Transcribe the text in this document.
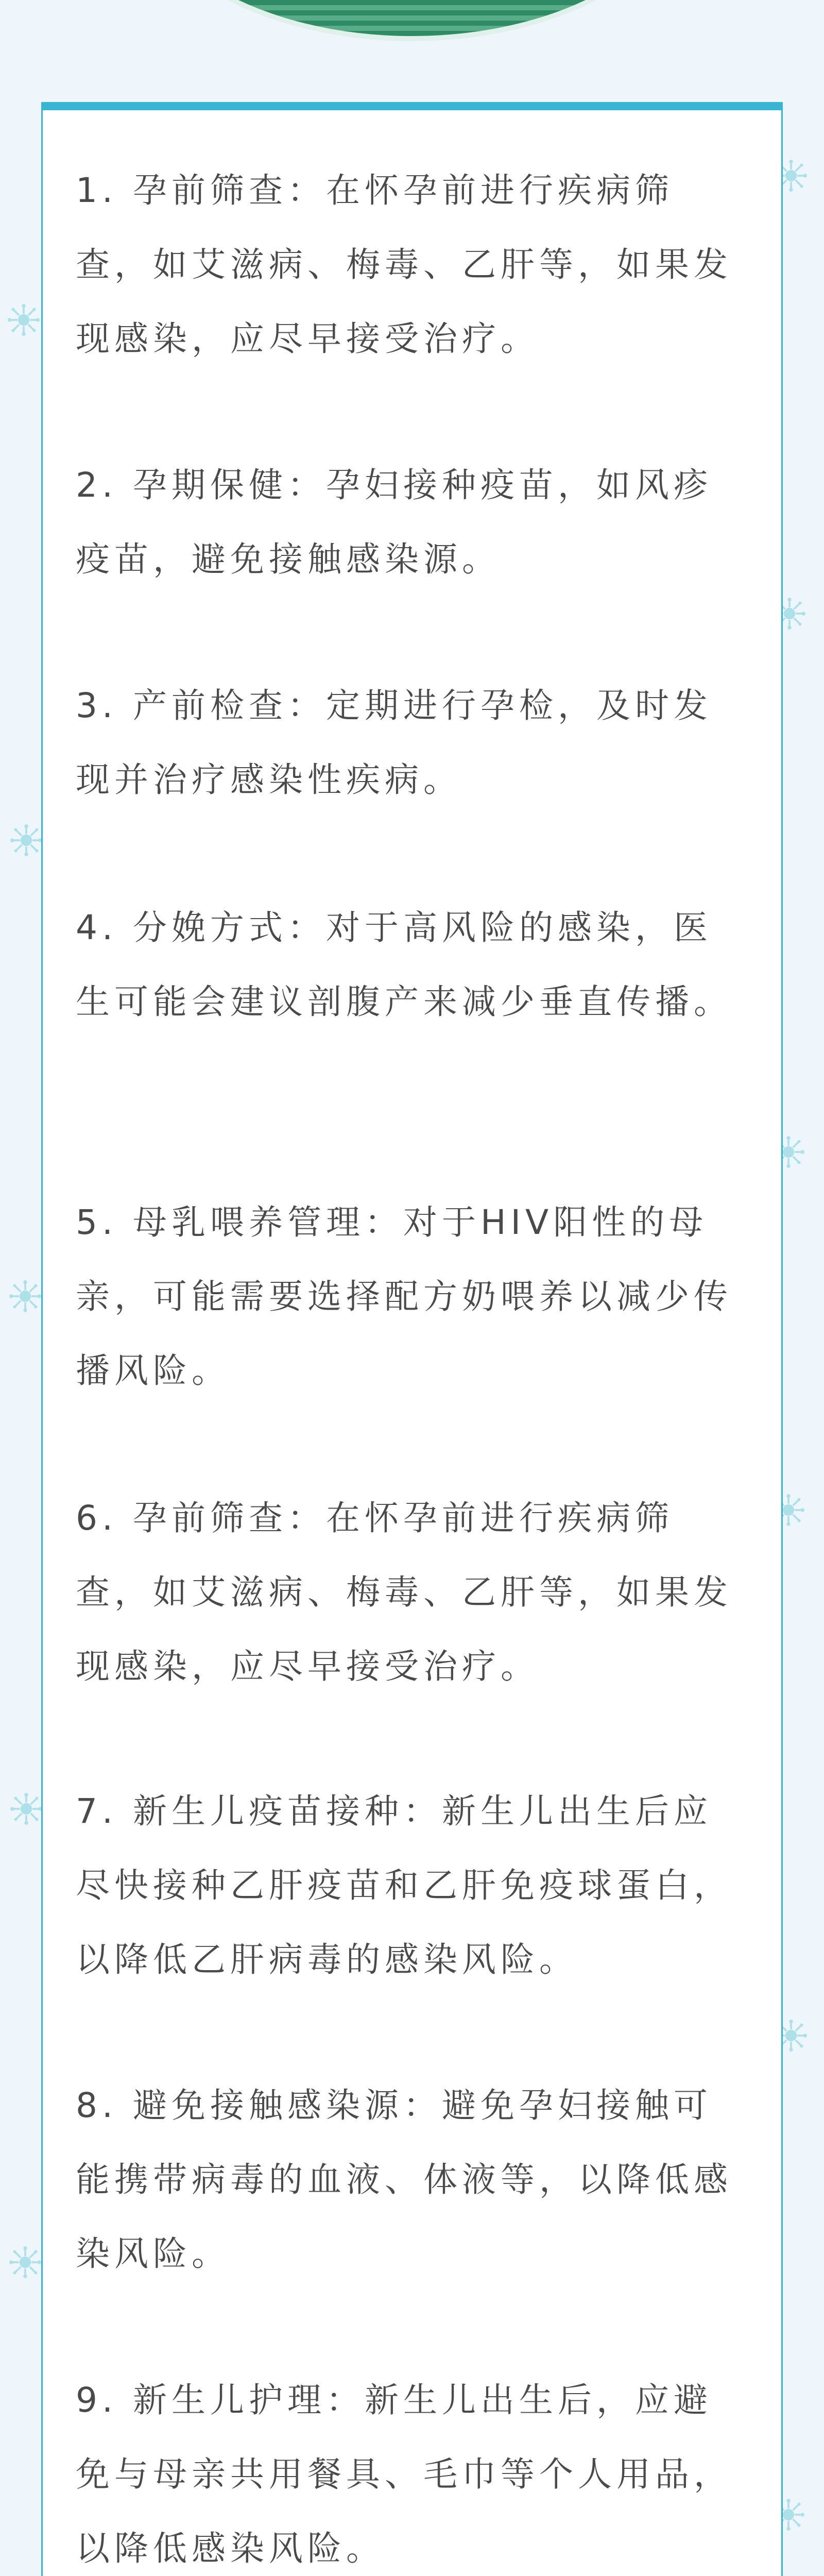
1. 孕前筛查：在怀孕前进行疾病筛查，如艾滋病、梅毒、乙肝等，如果发现感染，应尽早接受治疗。

2. 孕期保健：孕妇接种疫苗，如风疹疫苗，避免接触感染源。

3. 产前检查：定期进行孕检，及时发现并治疗感染性疾病。

4. 分娩方式：对于高风险的感染，医生可能会建议剖腹产来减少垂直传播。

5. 母乳喂养管理：对于HIV阳性的母亲，可能需要选择配方奶喂养以减少传播风险。

6. 孕前筛查：在怀孕前进行疾病筛查，如艾滋病、梅毒、乙肝等，如果发现感染，应尽早接受治疗。

7. 新生儿疫苗接种：新生儿出生后应尽快接种乙肝疫苗和乙肝免疫球蛋白，以降低乙肝病毒的感染风险。

8. 避免接触感染源：避免孕妇接触可能携带病毒的血液、体液等，以降低感染风险。

9. 新生儿护理：新生儿出生后，应避免与母亲共用餐具、毛巾等个人用品，以降低感染风险。
